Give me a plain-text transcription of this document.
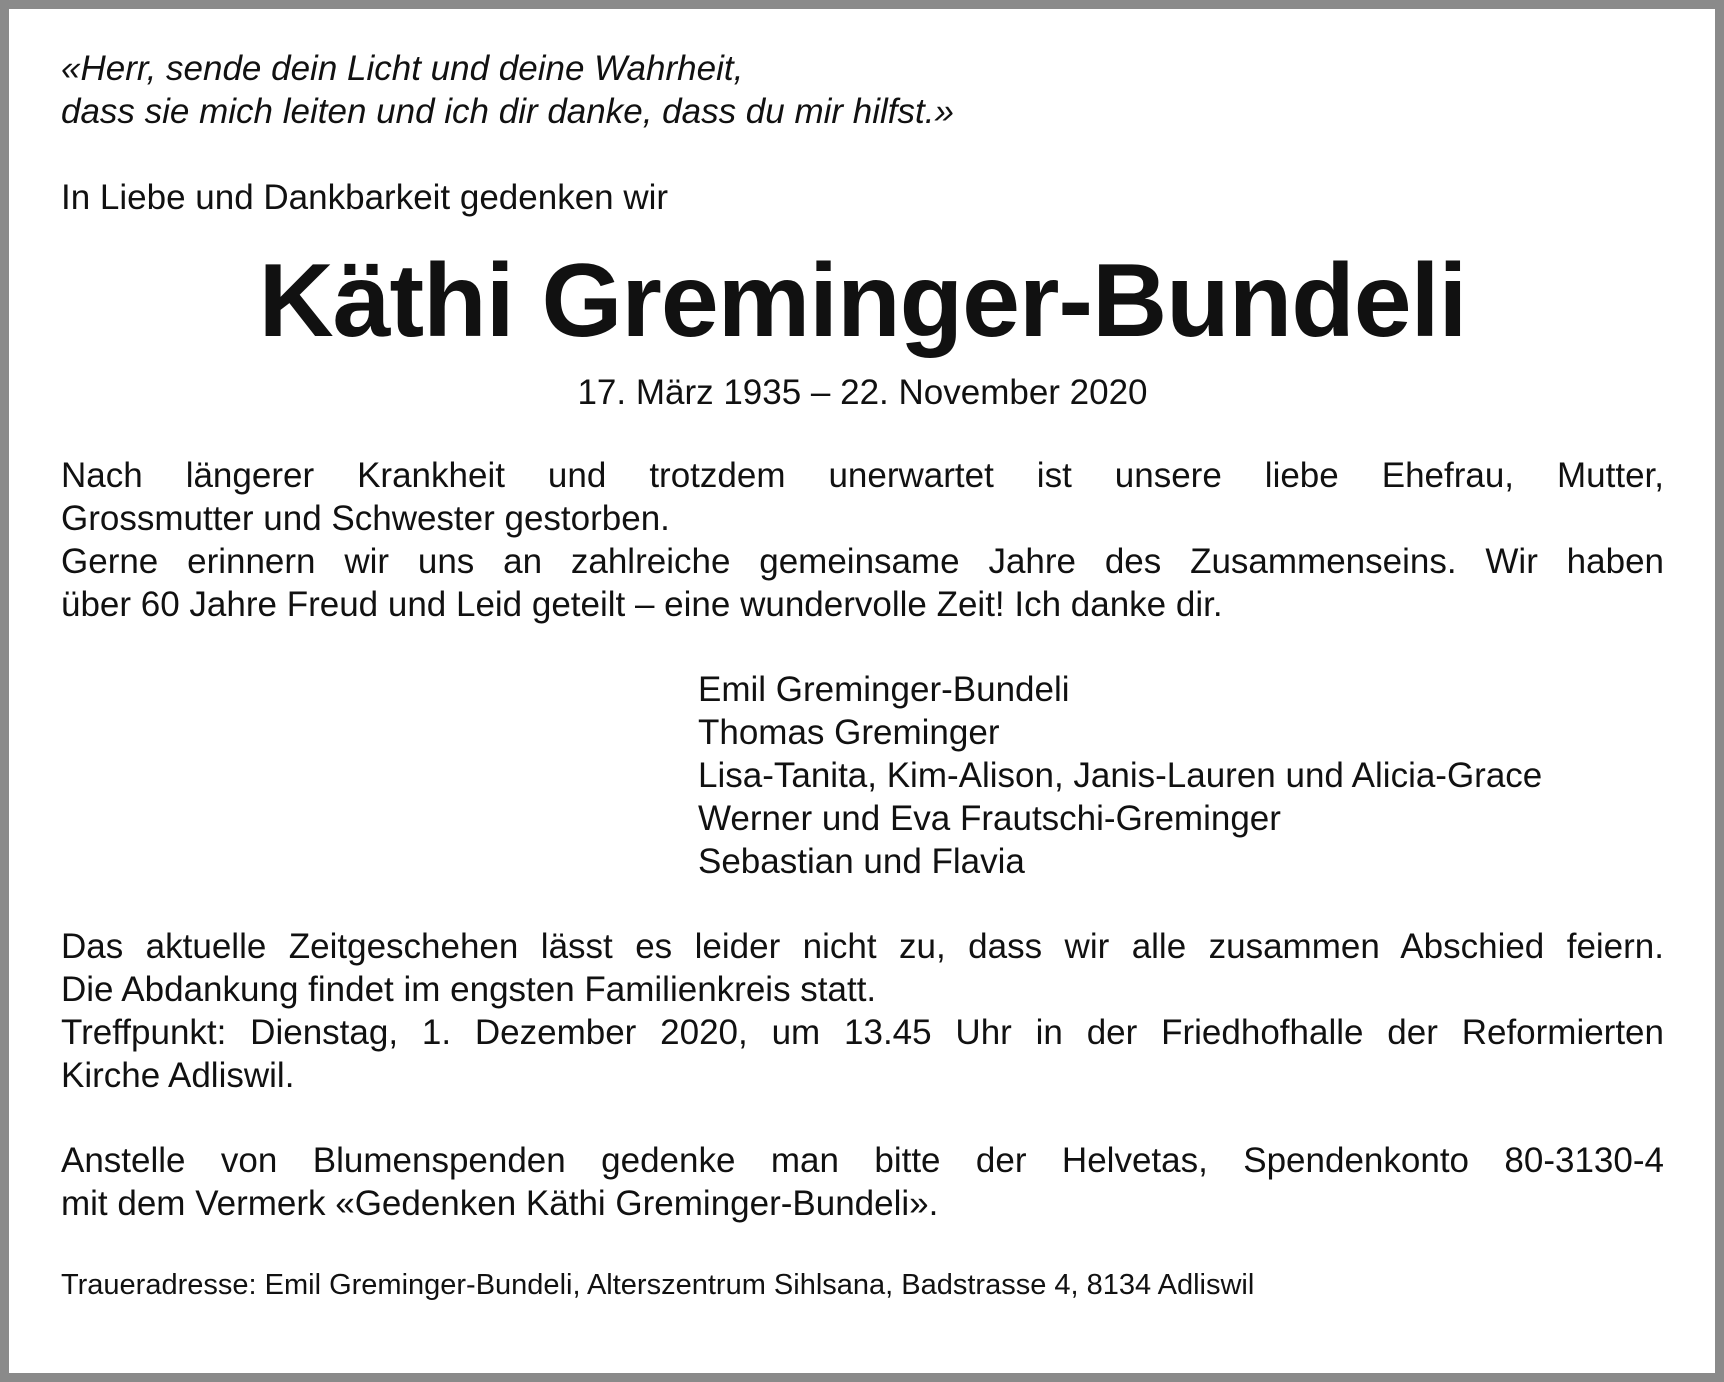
«Herr, sende dein Licht und deine Wahrheit,

dass sie mich leiten und ich dir danke, dass du mir hilfst.»

In Liebe und Dankbarkeit gedenken wir

Käthi Greminger-Bundeli
17. März 1935 – 22. November 2020

Nach längerer Krankheit und trotzdem unerwartet ist unsere liebe Ehefrau, Mutter,

Grossmutter und Schwester gestorben.

Gerne erinnern wir uns an zahlreiche gemeinsame Jahre des Zusammenseins. Wir haben

über 60 Jahre Freud und Leid geteilt – eine wundervolle Zeit! Ich danke dir.

Emil Greminger-Bundeli

Thomas Greminger

Lisa-Tanita, Kim-Alison, Janis-Lauren und Alicia-Grace

Werner und Eva Frautschi-Greminger

Sebastian und Flavia

Das aktuelle Zeitgeschehen lässt es leider nicht zu, dass wir alle zusammen Abschied feiern.

Die Abdankung findet im engsten Familienkreis statt.

Treffpunkt: Dienstag, 1. Dezember 2020, um 13.45 Uhr in der Friedhofhalle der Reformierten

Kirche Adliswil.

Anstelle von Blumenspenden gedenke man bitte der Helvetas, Spendenkonto 80-3130-4

mit dem Vermerk «Gedenken Käthi Greminger-Bundeli».

Traueradresse: Emil Greminger-Bundeli, Alterszentrum Sihlsana, Badstrasse 4, 8134 Adliswil
